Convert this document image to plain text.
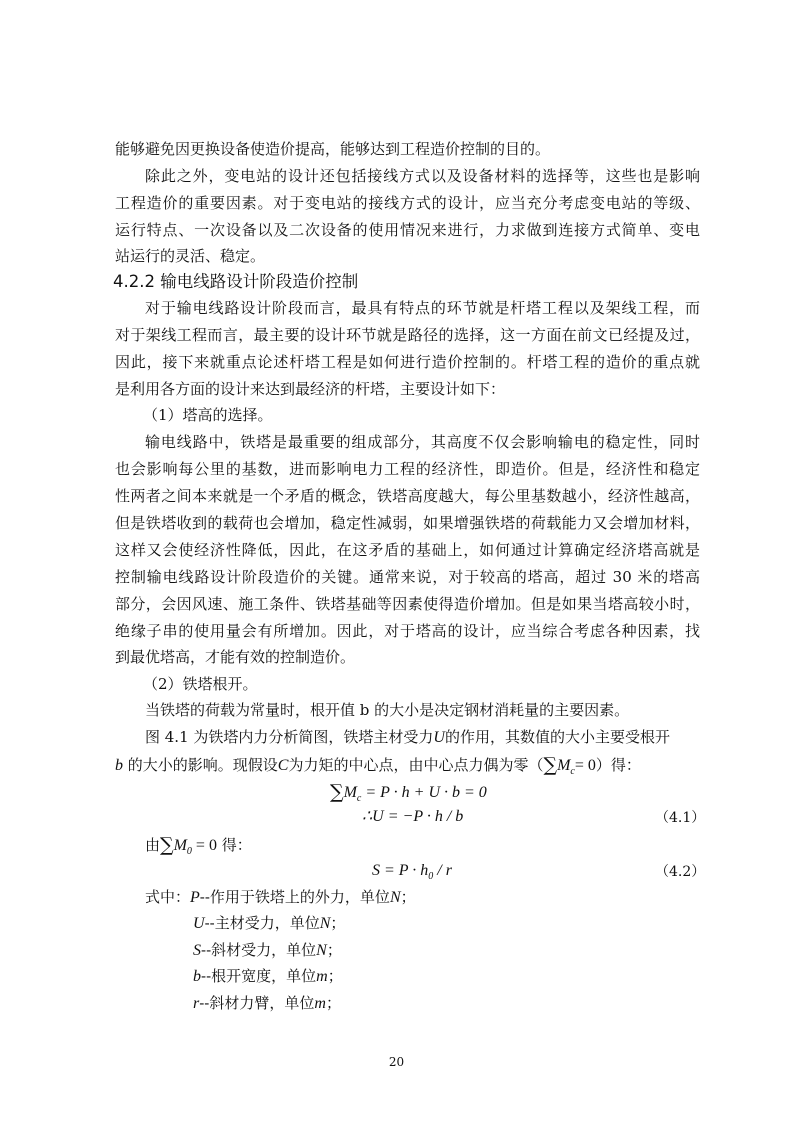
能够避免因更换设备使造价提高，能够达到工程造价控制的目的。
除此之外，变电站的设计还包括接线方式以及设备材料的选择等，这些也是影响
工程造价的重要因素。对于变电站的接线方式的设计，应当充分考虑变电站的等级、
运行特点、一次设备以及二次设备的使用情况来进行，力求做到连接方式简单、变电
站运行的灵活、稳定。
4.2.2 输电线路设计阶段造价控制
对于输电线路设计阶段而言，最具有特点的环节就是杆塔工程以及架线工程，而
对于架线工程而言，最主要的设计环节就是路径的选择，这一方面在前文已经提及过，
因此，接下来就重点论述杆塔工程是如何进行造价控制的。杆塔工程的造价的重点就
是利用各方面的设计来达到最经济的杆塔，主要设计如下：
（1）塔高的选择。
输电线路中，铁塔是最重要的组成部分，其高度不仅会影响输电的稳定性，同时
也会影响每公里的基数，进而影响电力工程的经济性，即造价。但是，经济性和稳定
性两者之间本来就是一个矛盾的概念，铁塔高度越大，每公里基数越小，经济性越高，
但是铁塔收到的载荷也会增加，稳定性减弱，如果增强铁塔的荷载能力又会增加材料，
这样又会使经济性降低，因此，在这矛盾的基础上，如何通过计算确定经济塔高就是
控制输电线路设计阶段造价的关键。通常来说，对于较高的塔高，超过 30 米的塔高
部分，会因风速、施工条件、铁塔基础等因素使得造价增加。但是如果当塔高较小时，
绝缘子串的使用量会有所增加。因此，对于塔高的设计，应当综合考虑各种因素，找
到最优塔高，才能有效的控制造价。
（2）铁塔根开。
当铁塔的荷载为常量时，根开值 b 的大小是决定钢材消耗量的主要因素。
图 4.1 为铁塔内力分析简图，铁塔主材受力U的作用，其数值的大小主要受根开
b 的大小的影响。现假设C为力矩的中心点，由中心点力偶为零$(\sum M_c= 0)$得：
$\sum M_c = P \cdot h + U \cdot b = 0$
∴U = −P · h / b	（4.1）
由$\sum M_0 = 0$ 得：
$S = P \cdot h_0 / r$	（4.2）
式中：P--作用于铁塔上的外力，单位N；
U--主材受力，单位N；
S--斜材受力，单位N；
b--根开宽度，单位m；
r--斜材力臂，单位m；
20
